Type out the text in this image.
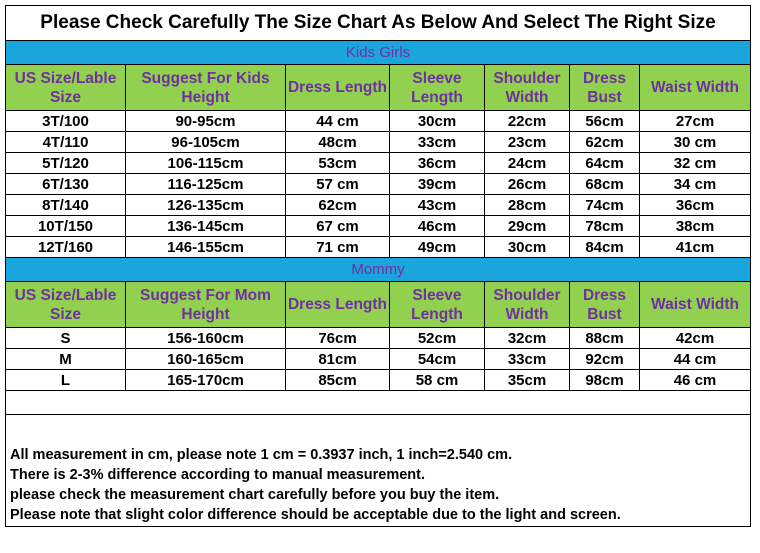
Please Check Carefully The Size Chart As Below And Select The Right Size						
Kids Girls						
US Size/Lable Size	Suggest For Kids Height	Dress Length	Sleeve Length	Shoulder Width	Dress Bust	Waist Width
3T/100	90-95cm	44 cm	30cm	22cm	56cm	27cm
4T/110	96-105cm	48cm	33cm	23cm	62cm	30 cm
5T/120	106-115cm	53cm	36cm	24cm	64cm	32 cm
6T/130	116-125cm	57 cm	39cm	26cm	68cm	34 cm
8T/140	126-135cm	62cm	43cm	28cm	74cm	36cm
10T/150	136-145cm	67 cm	46cm	29cm	78cm	38cm
12T/160	146-155cm	71 cm	49cm	30cm	84cm	41cm
Mommy						
US Size/Lable Size	Suggest For Mom Height	Dress Length	Sleeve Length	Shoulder Width	Dress Bust	Waist Width
S	156-160cm	76cm	52cm	32cm	88cm	42cm
M	160-165cm	81cm	54cm	33cm	92cm	44 cm
L	165-170cm	85cm	58 cm	35cm	98cm	46 cm

All measurement in cm, please note 1 cm = 0.3937 inch, 1 inch=2.540 cm.
There is 2-3% difference according to manual measurement.
please check the measurement chart carefully before you buy the item.
Please note that slight color difference should be acceptable due to the light and screen.						
